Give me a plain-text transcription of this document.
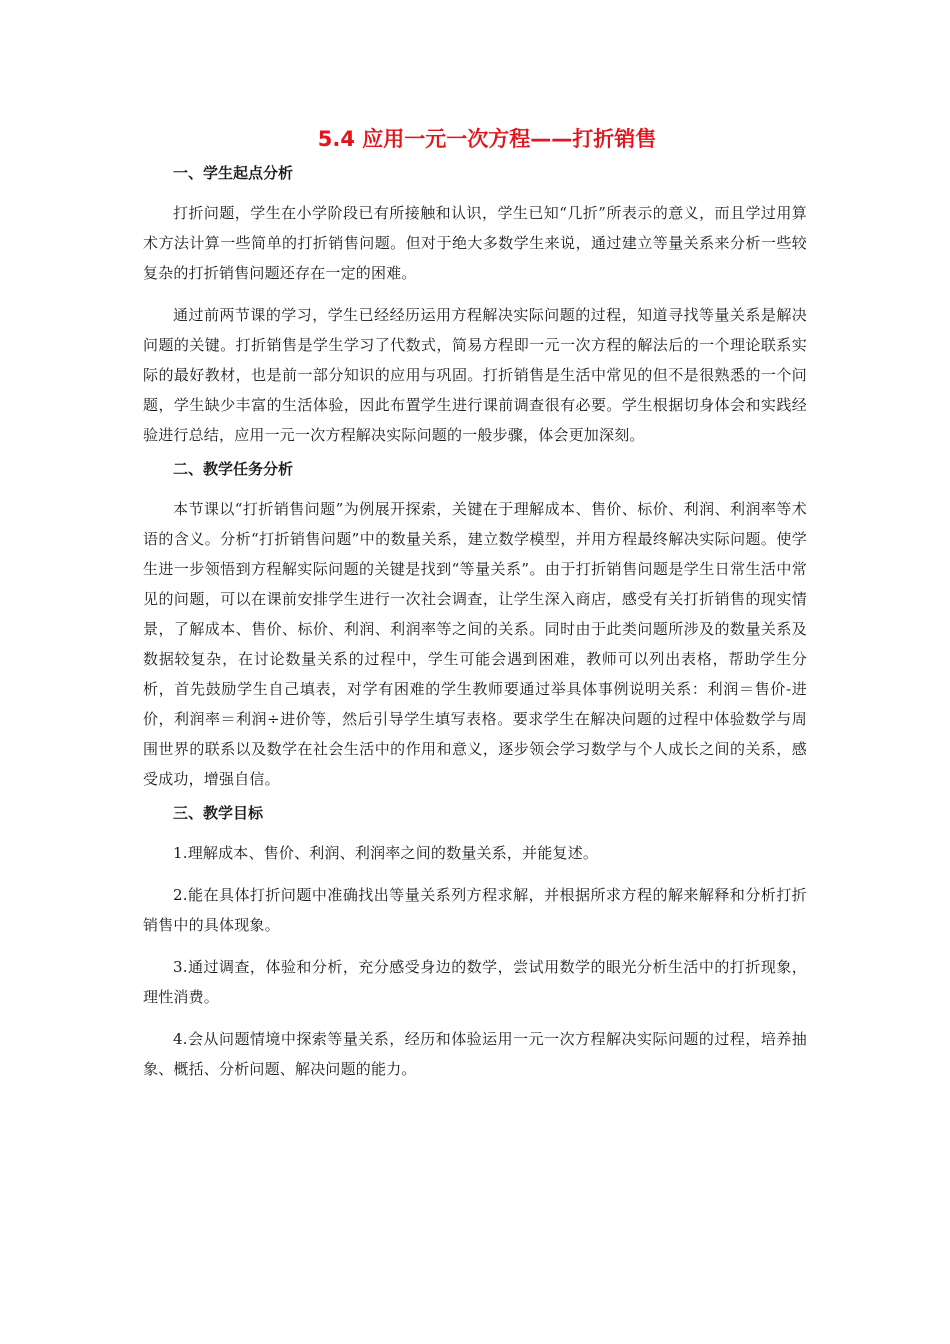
5.4 应用一元一次方程——打折销售
一、学生起点分析

打折问题，学生在小学阶段已有所接触和认识，学生已知“几折”所表示的意义，而且学过用算术方法计算一些简单的打折销售问题。但对于绝大多数学生来说，通过建立等量关系来分析一些较复杂的打折销售问题还存在一定的困难。

通过前两节课的学习，学生已经经历运用方程解决实际问题的过程，知道寻找等量关系是解决问题的关键。打折销售是学生学习了代数式，简易方程即一元一次方程的解法后的一个理论联系实际的最好教材，也是前一部分知识的应用与巩固。打折销售是生活中常见的但不是很熟悉的一个问题，学生缺少丰富的生活体验，因此布置学生进行课前调查很有必要。学生根据切身体会和实践经验进行总结，应用一元一次方程解决实际问题的一般步骤，体会更加深刻。

二、教学任务分析

本节课以“打折销售问题”为例展开探索，关键在于理解成本、售价、标价、利润、利润率等术语的含义。分析“打折销售问题”中的数量关系，建立数学模型，并用方程最终解决实际问题。使学生进一步领悟到方程解实际问题的关键是找到“等量关系”。由于打折销售问题是学生日常生活中常见的问题，可以在课前安排学生进行一次社会调查，让学生深入商店，感受有关打折销售的现实情景，了解成本、售价、标价、利润、利润率等之间的关系。同时由于此类问题所涉及的数量关系及数据较复杂，在讨论数量关系的过程中，学生可能会遇到困难，教师可以列出表格，帮助学生分析，首先鼓励学生自己填表，对学有困难的学生教师要通过举具体事例说明关系：利润＝售价-进价，利润率＝利润÷进价等，然后引导学生填写表格。要求学生在解决问题的过程中体验数学与周围世界的联系以及数学在社会生活中的作用和意义，逐步领会学习数学与个人成长之间的关系，感受成功，增强自信。

三、教学目标

1.理解成本、售价、利润、利润率之间的数量关系，并能复述。

2.能在具体打折问题中准确找出等量关系列方程求解，并根据所求方程的解来解释和分析打折销售中的具体现象。

3.通过调查，体验和分析，充分感受身边的数学，尝试用数学的眼光分析生活中的打折现象，理性消费。

4.会从问题情境中探索等量关系，经历和体验运用一元一次方程解决实际问题的过程，培养抽象、概括、分析问题、解决问题的能力。
